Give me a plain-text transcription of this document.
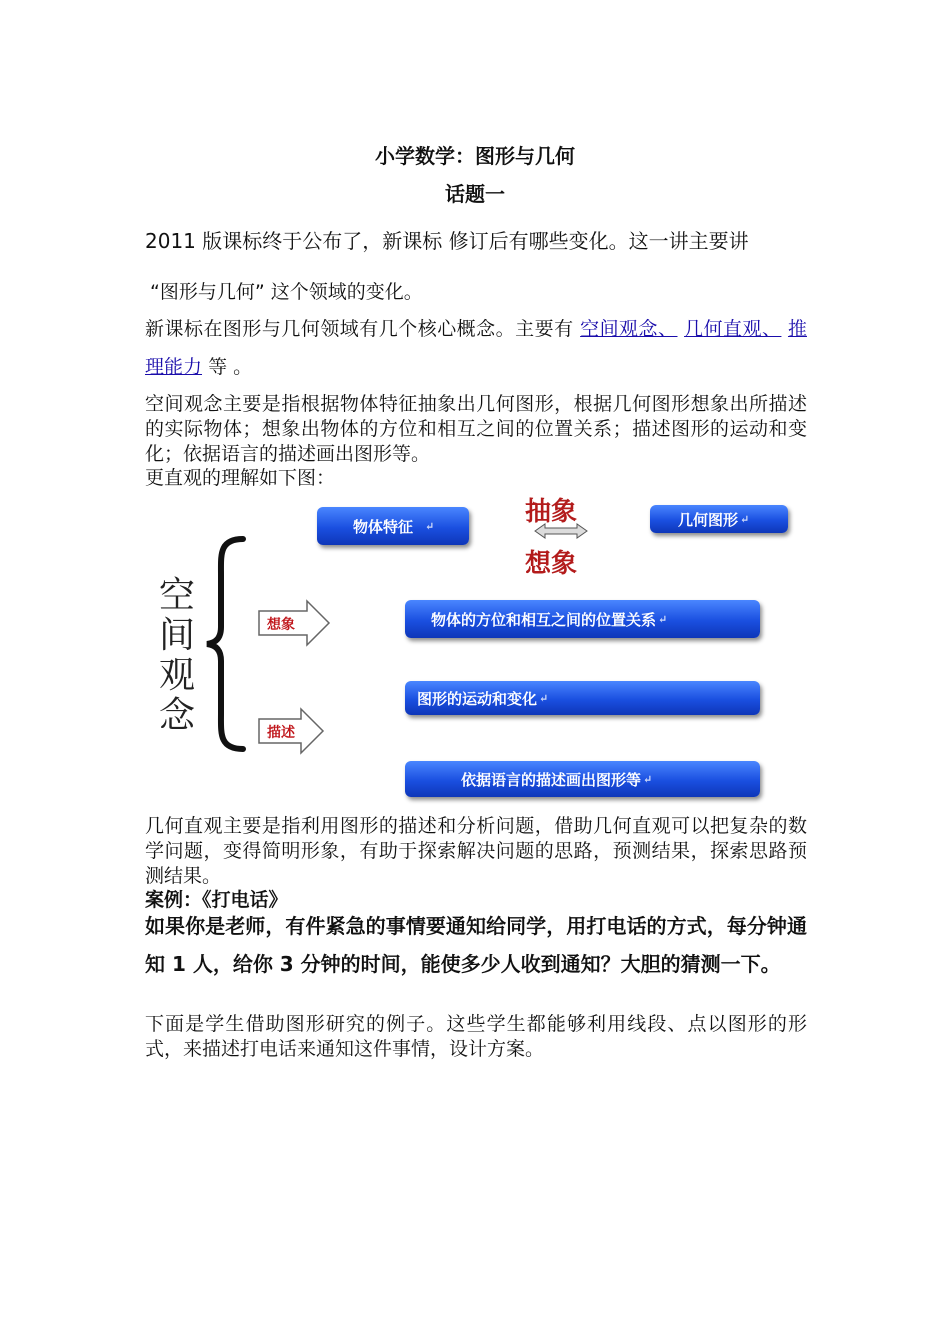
小学数学：图形与几何
话题一
2011 版课标终于公布了，新课标 修订后有哪些变化。这一讲主要讲
“图形与几何” 这个领域的变化。
新课标在图形与几何领域有几个核心概念。主要有 空间观念、 几何直观、 推理能力 等 。
空间观念主要是指根据物体特征抽象出几何图形，根据几何图形想象出所描述的实际物体；想象出物体的方位和相互之间的位置关系；描述图形的运动和变化；依据语言的描述画出图形等。
更直观的理解如下图：
物体特征 ↵	几何图形 ↵
抽象
想象
空
间
观
念
想象
描述
物体的方位和相互之间的位置关系 ↵
图形的运动和变化 ↵
依据语言的描述画出图形等 ↵
几何直观主要是指利用图形的描述和分析问题，借助几何直观可以把复杂的数学问题，变得简明形象，有助于探索解决问题的思路，预测结果，探索思路预测结果。
案例：《打电话》
如果你是老师，有件紧急的事情要通知给同学，用打电话的方式，每分钟通知 1 人，给你 3 分钟的时间，能使多少人收到通知？大胆的猜测一下。
下面是学生借助图形研究的例子。这些学生都能够利用线段、点以图形的形式，来描述打电话来通知这件事情，设计方案。
